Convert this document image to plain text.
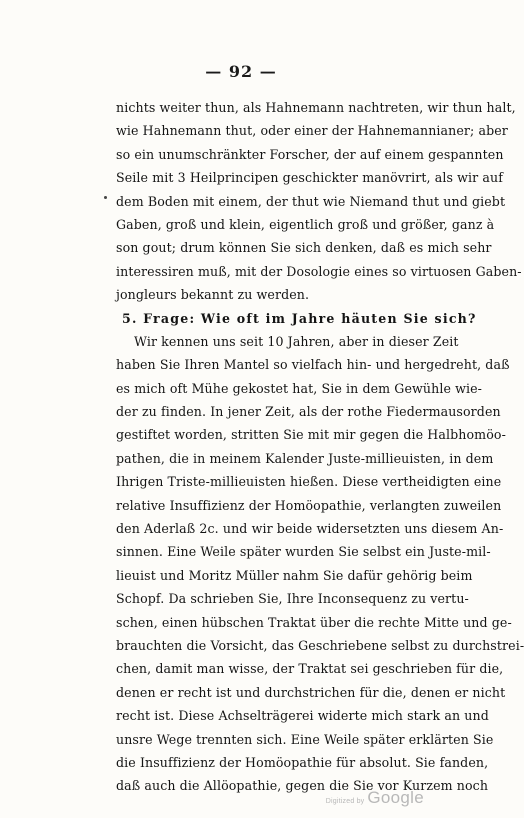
— 92 —
nichts weiter thun, als Hahnemann nachtreten, wir thun halt,
wie Hahnemann thut, oder einer der Hahnemannianer; aber
so ein unumschränkter Forscher, der auf einem gespannten
Seile mit 3 Heilprincipen geschickter manövrirt, als wir auf
dem Boden mit einem, der thut wie Niemand thut und giebt
Gaben, groß und klein, eigentlich groß und größer, ganz à
son gout; drum können Sie sich denken, daß es mich sehr
interessiren muß, mit der Dosologie eines so virtuosen Gaben-
jongleurs bekannt zu werden.
5. Frage: Wie oft im Jahre häuten Sie sich?
Wir kennen uns seit 10 Jahren, aber in dieser Zeit
haben Sie Ihren Mantel so vielfach hin- und hergedreht, daß
es mich oft Mühe gekostet hat, Sie in dem Gewühle wie-
der zu finden. In jener Zeit, als der rothe Fiedermausorden
gestiftet worden, stritten Sie mit mir gegen die Halbhomöo-
pathen, die in meinem Kalender Juste-millieuisten, in dem
Ihrigen Triste-millieuisten hießen. Diese vertheidigten eine
relative Insuffizienz der Homöopathie, verlangten zuweilen
den Aderlaß 2c. und wir beide widersetzten uns diesem An-
sinnen. Eine Weile später wurden Sie selbst ein Juste-mil-
lieuist und Moritz Müller nahm Sie dafür gehörig beim
Schopf. Da schrieben Sie, Ihre Inconsequenz zu vertu-
schen, einen hübschen Traktat über die rechte Mitte und ge-
brauchten die Vorsicht, das Geschriebene selbst zu durchstrei-
chen, damit man wisse, der Traktat sei geschrieben für die,
denen er recht ist und durchstrichen für die, denen er nicht
recht ist. Diese Achselträgerei widerte mich stark an und
unsre Wege trennten sich. Eine Weile später erklärten Sie
die Insuffizienz der Homöopathie für absolut. Sie fanden,
daß auch die Allöopathie, gegen die Sie vor Kurzem noch
Digitized by Google
